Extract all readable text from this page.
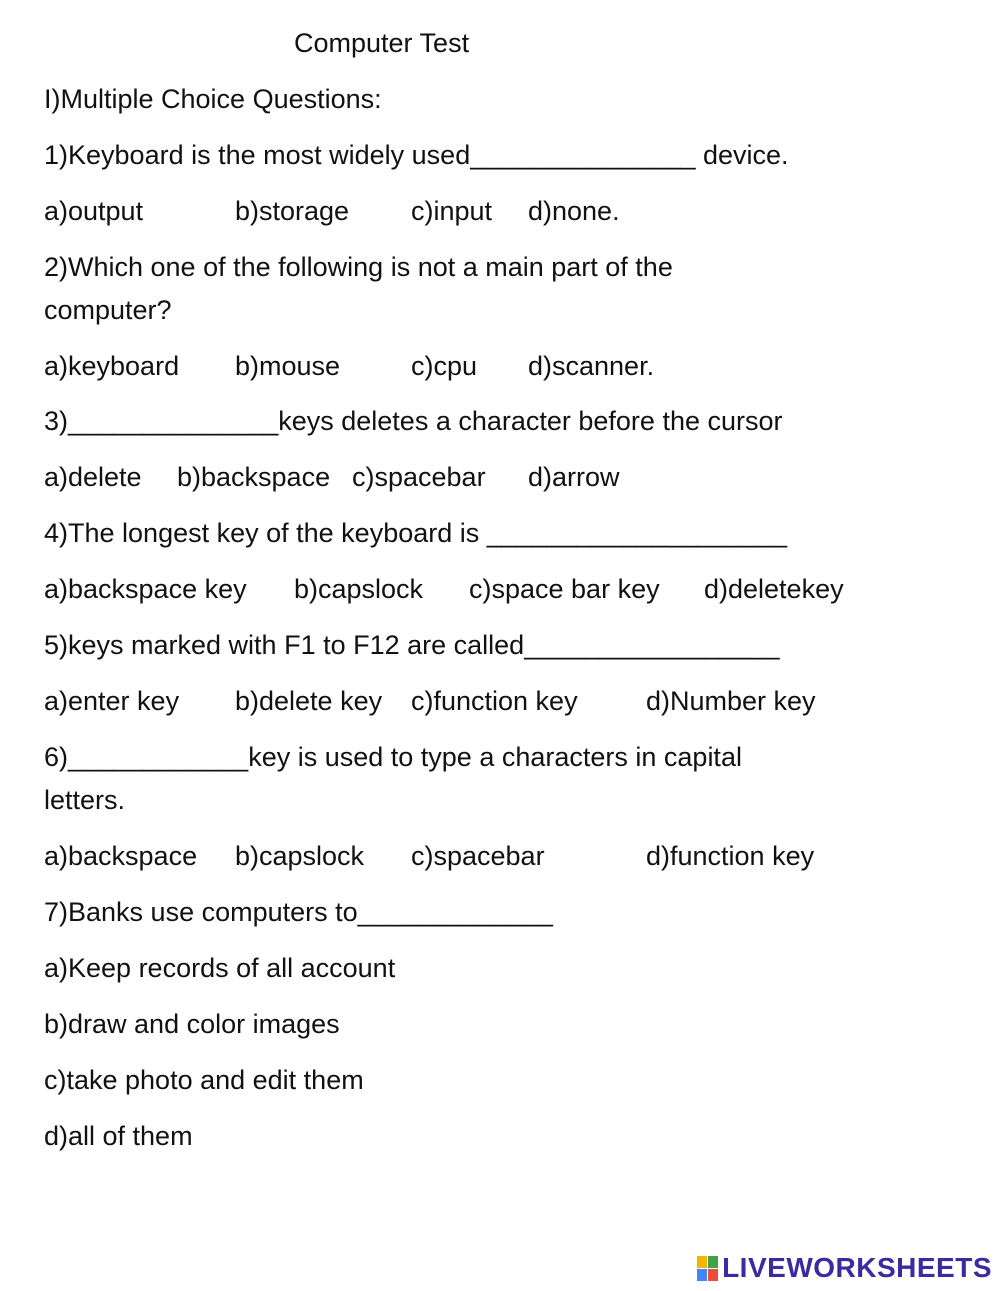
Computer Test

I)Multiple Choice Questions:

1)Keyboard is the most widely used_______________ device.

a)output	b)storage c)input d)none.

2)Which one of the following is not a main part of the

computer?

a)keyboard b)mouse	c)cpu d)scanner.

3)______________keys deletes a character before the cursor

a)delete b)backspace c)spacebar d)arrow

4)The longest key of the keyboard is ____________________

a)backspace key b)capslock c)space bar key d)deletekey

5)keys marked with F1 to F12 are called_________________

a)enter key b)delete key c)function key	d)Number key

6)____________key is used to type a characters in capital

letters.

a)backspace b)capslock c)spacebar	d)function key

7)Banks use computers to_____________

a)Keep records of all account

b)draw and color images

c)take photo and edit them

d)all of them

LIVEWORKSHEETS
